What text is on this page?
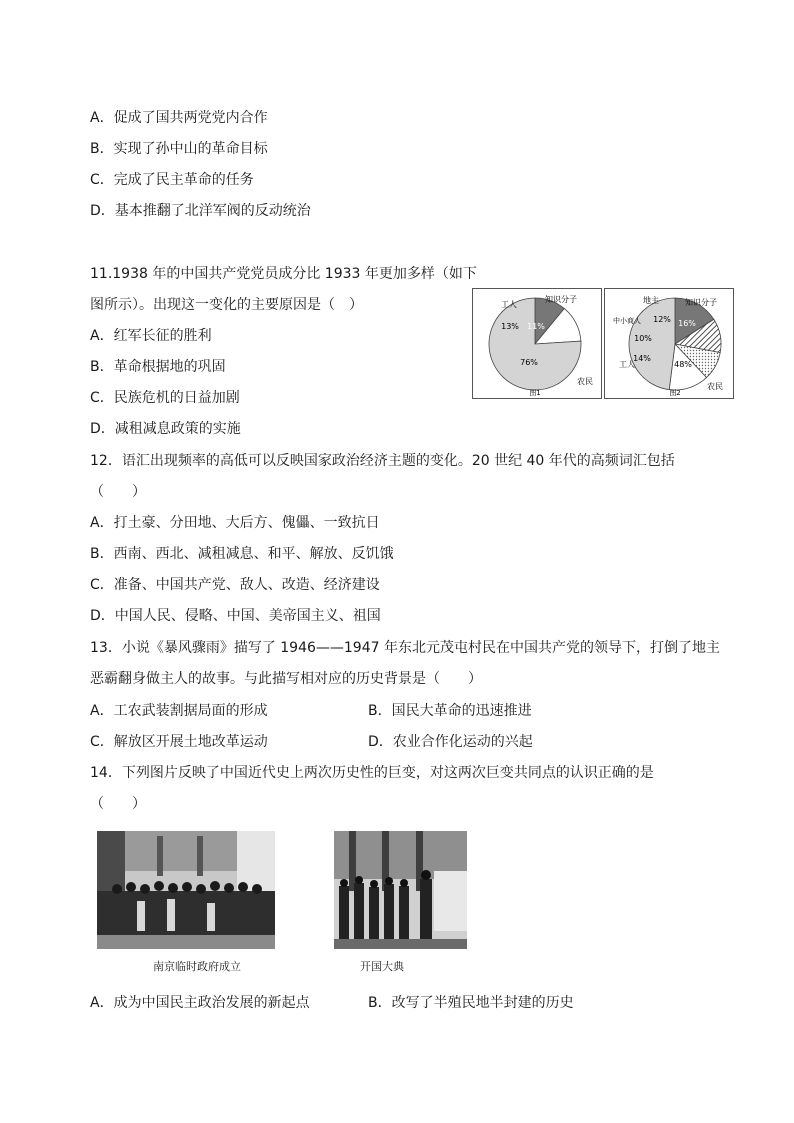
A．促成了国共两党党内合作
B．实现了孙中山的革命目标
C．完成了民主革命的任务
D．基本推翻了北洋军阀的反动统治
11.1938 年的中国共产党党员成分比 1933 年更加多样（如下
图所示）。出现这一变化的主要原因是（　）
A．红军长征的胜利
B．革命根据地的巩固
C．民族危机的日益加剧
D．减租减息政策的实施
11%
13%
76%
知识分子
工人
农民
图1
16%
12%
10%
14%
48%
知识分子
地主
中小商人
工人
农民
图2
12．语汇出现频率的高低可以反映国家政治经济主题的变化。20 世纪 40 年代的高频词汇包括
（　　）
A．打土豪、分田地、大后方、傀儡、一致抗日
B．西南、西北、减租减息、和平、解放、反饥饿
C．准备、中国共产党、敌人、改造、经济建设
D．中国人民、侵略、中国、美帝国主义、祖国
13．小说《暴风骤雨》描写了 1946——1947 年东北元茂屯村民在中国共产党的领导下，打倒了地主
恶霸翻身做主人的故事。与此描写相对应的历史背景是（　　）
A．工农武装割据局面的形成	B．国民大革命的迅速推进
C．解放区开展土地改革运动	D．农业合作化运动的兴起
14．下列图片反映了中国近代史上两次历史性的巨变，对这两次巨变共同点的认识正确的是
（　　）
南京临时政府成立	开国大典
A．成为中国民主政治发展的新起点	B．改写了半殖民地半封建的历史
